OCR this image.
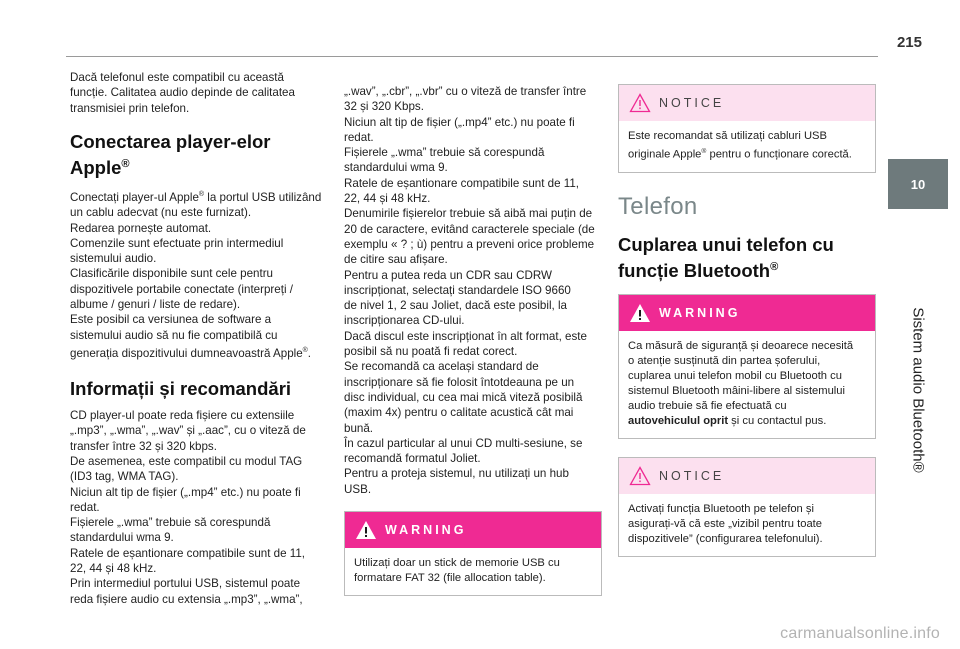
215
10
Sistem audio Bluetooth®

Dacă telefonul este compatibil cu această
funcție. Calitatea audio depinde de calitatea
transmisiei prin telefon.

Conectarea player-elor
Apple®

Conectați player-ul Apple® la portul USB utilizând
un cablu adecvat (nu este furnizat).
Redarea pornește automat.
Comenzile sunt efectuate prin intermediul
sistemului audio.
Clasificările disponibile sunt cele pentru
dispozitivele portabile conectate (interpreți /
albume / genuri / liste de redare).
Este posibil ca versiunea de software a
sistemului audio să nu fie compatibilă cu
generația dispozitivului dumneavoastră Apple®.

Informații și recomandări

CD player-ul poate reda fișiere cu extensiile
„.mp3”, „.wma”, „.wav” și „.aac”, cu o viteză de
transfer între 32 și 320 kbps.
De asemenea, este compatibil cu modul TAG
(ID3 tag, WMA TAG).
Niciun alt tip de fișier („.mp4” etc.) nu poate fi
redat.
Fișierele „.wma” trebuie să corespundă
standardului wma 9.
Ratele de eșantionare compatibile sunt de 11,
22, 44 și 48 kHz.
Prin intermediul portului USB, sistemul poate
reda fișiere audio cu extensia „.mp3”, „.wma”,

„.wav”, „.cbr”, „.vbr” cu o viteză de transfer între
32 și 320 Kbps.
Niciun alt tip de fișier („.mp4” etc.) nu poate fi
redat.
Fișierele „.wma” trebuie să corespundă
standardului wma 9.
Ratele de eșantionare compatibile sunt de 11,
22, 44 și 48 kHz.
Denumirile fișierelor trebuie să aibă mai puțin de
20 de caractere, evitând caracterele speciale (de
exemplu « ? ; ù) pentru a preveni orice probleme
de citire sau afișare.
Pentru a putea reda un CDR sau CDRW
inscripționat, selectați standardele ISO 9660
de nivel 1, 2 sau Joliet, dacă este posibil, la
inscripționarea CD-ului.
Dacă discul este inscripționat în alt format, este
posibil să nu poată fi redat corect.
Se recomandă ca același standard de
inscripționare să fie folosit întotdeauna pe un
disc individual, cu cea mai mică viteză posibilă
(maxim 4x) pentru o calitate acustică cât mai
bună.
În cazul particular al unui CD multi-sesiune, se
recomandă formatul Joliet.
Pentru a proteja sistemul, nu utilizați un hub
USB.

WARNING
Utilizați doar un stick de memorie USB cu
formatare FAT 32 (file allocation table).
NOTICE
Este recomandat să utilizați cabluri USB
originale Apple® pentru o funcționare corectă.
Telefon
Cuplarea unui telefon cu
funcție Bluetooth®
WARNING
Ca măsură de siguranță și deoarece necesită
o atenție susținută din partea șoferului,
cuplarea unui telefon mobil cu Bluetooth cu
sistemul Bluetooth mâini-libere al sistemului
audio trebuie să fie efectuată cu
autovehiculul oprit și cu contactul pus.
NOTICE
Activați funcția Bluetooth pe telefon și
asigurați-vă că este „vizibil pentru toate
dispozitivele” (configurarea telefonului).
carmanualsonline.info
